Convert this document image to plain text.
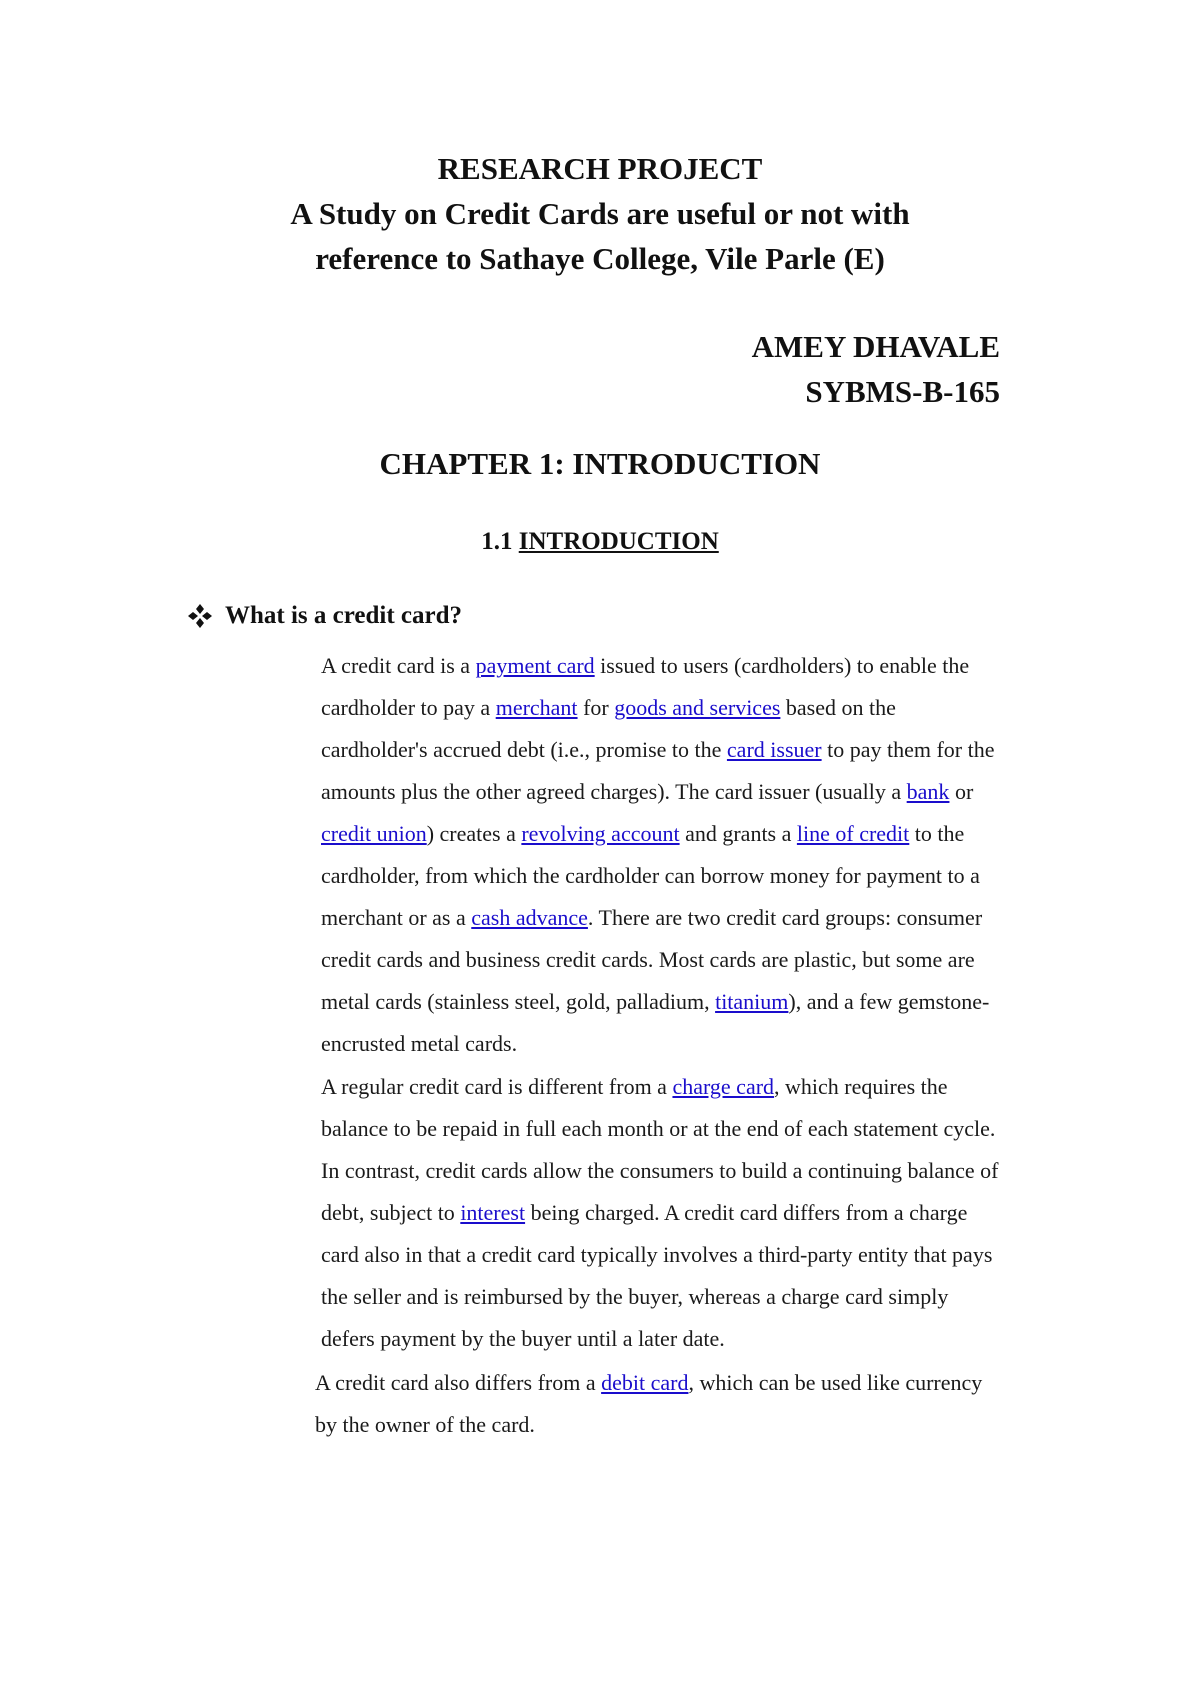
RESEARCH PROJECT
A Study on Credit Cards are useful or not with
reference to Sathaye College, Vile Parle (E)
AMEY DHAVALE
SYBMS-B-165
CHAPTER 1: INTRODUCTION
1.1 INTRODUCTION
What is a credit card?

A credit card is a payment card issued to users (cardholders) to enable the cardholder to pay a merchant for goods and services based on the cardholder's accrued debt (i.e., promise to the card issuer to pay them for the amounts plus the other agreed charges). The card issuer (usually a bank or credit union) creates a revolving account and grants a line of credit to the cardholder, from which the cardholder can borrow money for payment to a merchant or as a cash advance. There are two credit card groups: consumer credit cards and business credit cards. Most cards are plastic, but some are metal cards (stainless steel, gold, palladium, titanium), and a few gemstone-encrusted metal cards.

A regular credit card is different from a charge card, which requires the balance to be repaid in full each month or at the end of each statement cycle. In contrast, credit cards allow the consumers to build a continuing balance of debt, subject to interest being charged. A credit card differs from a charge card also in that a credit card typically involves a third-party entity that pays the seller and is reimbursed by the buyer, whereas a charge card simply defers payment by the buyer until a later date.

A credit card also differs from a debit card, which can be used like currency by the owner of the card.
